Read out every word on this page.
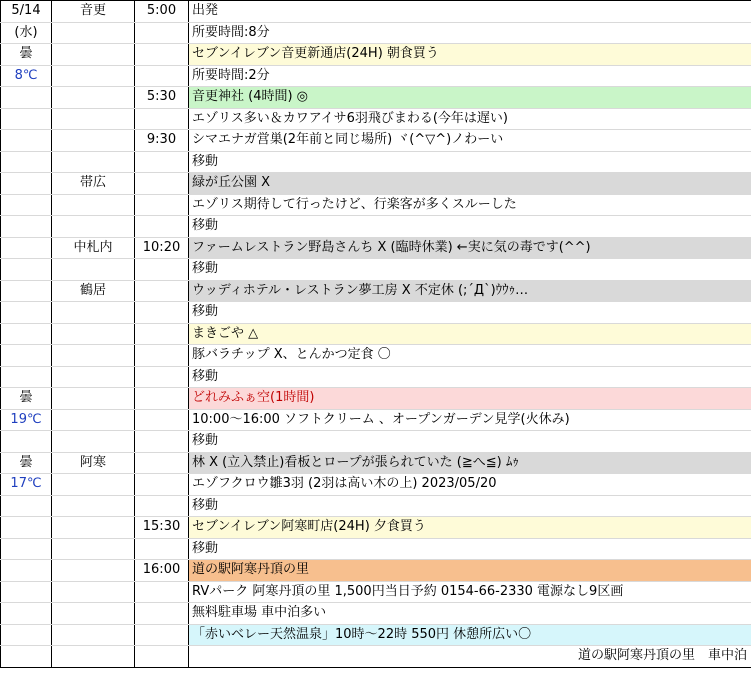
5/14	音更	5:00	出発
(水)			所要時間:8分
曇			セブンイレブン音更新通店(24H) 朝食買う
8℃			所要時間:2分
		5:30	音更神社 (4時間) ◎
			エゾリス多い＆カワアイサ6羽飛びまわる(今年は遅い)
		9:30	シマエナガ営巣(2年前と同じ場所) ヾ(^▽^)ノわーい
			移動
	帯広		緑が丘公園 X
			エゾリス期待して行ったけど、行楽客が多くスルーした
			移動
	中札内	10:20	ファームレストラン野島さんち X (臨時休業) ←実に気の毒です(^^)
			移動
	鶴居		ウッディホテル・レストラン夢工房 X 不定休 (;´Д`)ｳｳｩ…
			移動
			まきごや △
			豚バラチップ X、とんかつ定食 〇
			移動
曇			どれみふぁ空(1時間)
19℃			10:00～16:00 ソフトクリーム 、オープンガーデン見学(火休み)
			移動
曇	阿寒		林 X (立入禁止)看板とロープが張られていた (≧へ≦) ﾑｩ
17℃			エゾフクロウ雛3羽 (2羽は高い木の上) 2023/05/20
			移動
		15:30	セブンイレブン阿寒町店(24H) 夕食買う
			移動
		16:00	道の駅阿寒丹頂の里
			RVパーク 阿寒丹頂の里 1,500円当日予約 0154-66-2330 電源なし9区画
			無料駐車場 車中泊多い
			「赤いベレー天然温泉」10時～22時 550円 休憩所広い〇
			道の駅阿寒丹頂の里　車中泊
